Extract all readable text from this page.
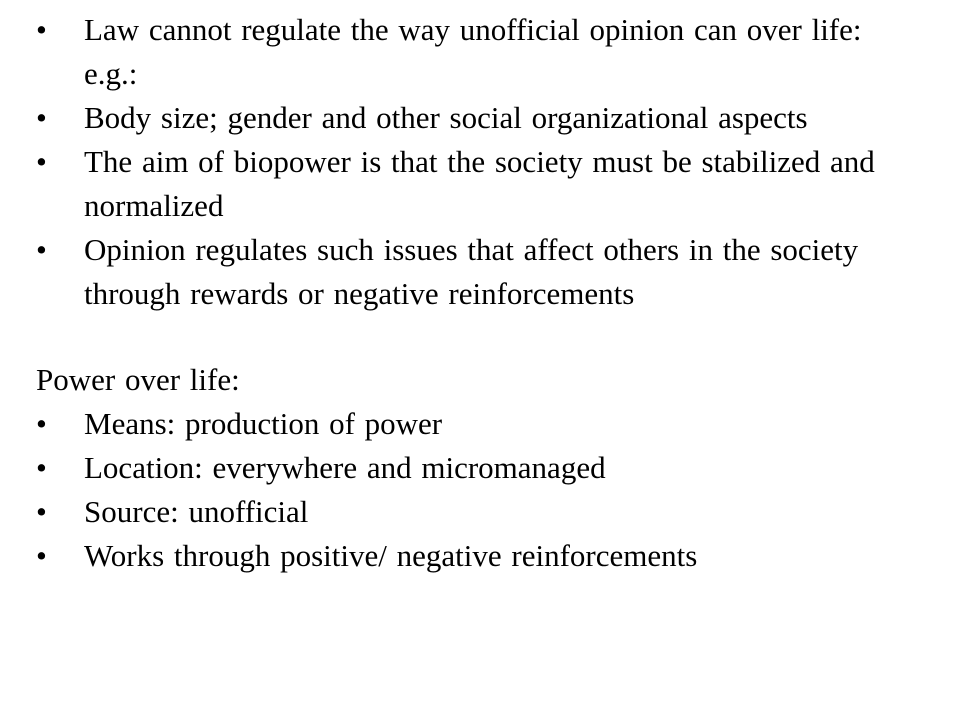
• Law cannot regulate the way unofficial opinion can over life: e.g.:
• Body size; gender and other social organizational aspects
• The aim of biopower is that the society must be stabilized and normalized
• Opinion regulates such issues that affect others in the society through rewards or negative reinforcements

Power over life:

• Means: production of power
• Location: everywhere and micromanaged
• Source: unofficial
• Works through positive/ negative reinforcements
